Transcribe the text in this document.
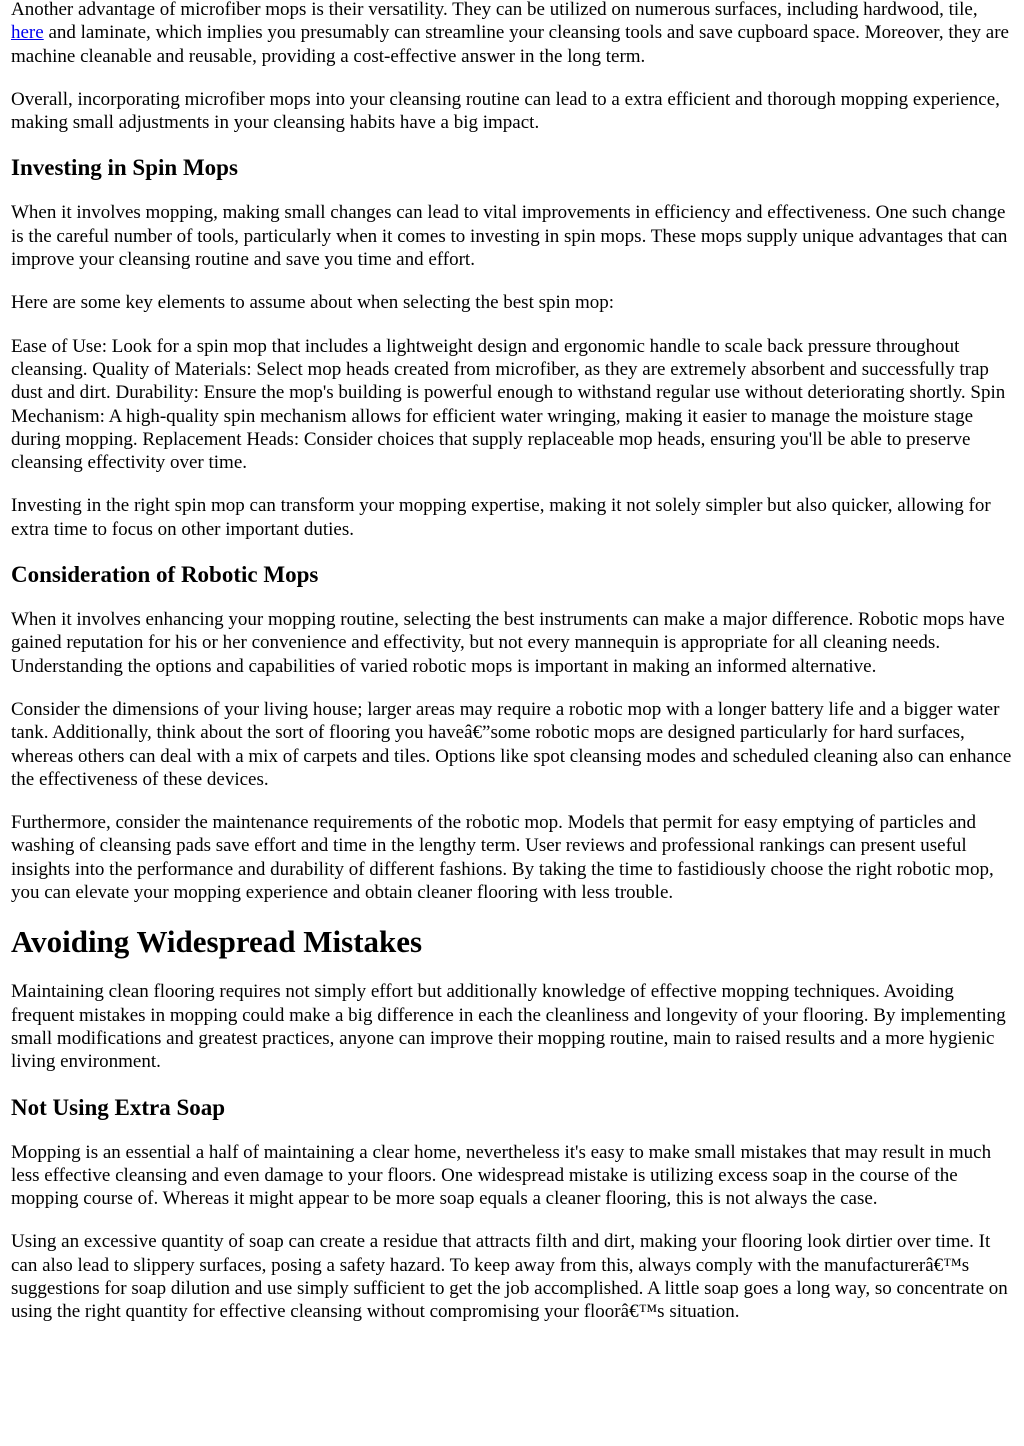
Another advantage of microfiber mops is their versatility. They can be utilized on numerous surfaces, including hardwood, tile, here and laminate, which implies you presumably can streamline your cleansing tools and save cupboard space. Moreover, they are machine cleanable and reusable, providing a cost-effective answer in the long term.

Overall, incorporating microfiber mops into your cleansing routine can lead to a extra efficient and thorough mopping experience, making small adjustments in your cleansing habits have a big impact.

Investing in Spin Mops

When it involves mopping, making small changes can lead to vital improvements in efficiency and effectiveness. One such change is the careful number of tools, particularly when it comes to investing in spin mops. These mops supply unique advantages that can improve your cleansing routine and save you time and effort.

Here are some key elements to assume about when selecting the best spin mop:

Ease of Use: Look for a spin mop that includes a lightweight design and ergonomic handle to scale back pressure throughout cleansing. Quality of Materials: Select mop heads created from microfiber, as they are extremely absorbent and successfully trap dust and dirt. Durability: Ensure the mop's building is powerful enough to withstand regular use without deteriorating shortly. Spin Mechanism: A high-quality spin mechanism allows for efficient water wringing, making it easier to manage the moisture stage during mopping. Replacement Heads: Consider choices that supply replaceable mop heads, ensuring you'll be able to preserve cleansing effectivity over time.

Investing in the right spin mop can transform your mopping expertise, making it not solely simpler but also quicker, allowing for extra time to focus on other important duties.

Consideration of Robotic Mops

When it involves enhancing your mopping routine, selecting the best instruments can make a major difference. Robotic mops have gained reputation for his or her convenience and effectivity, but not every mannequin is appropriate for all cleaning needs. Understanding the options and capabilities of varied robotic mops is important in making an informed alternative.

Consider the dimensions of your living house; larger areas may require a robotic mop with a longer battery life and a bigger water tank. Additionally, think about the sort of flooring you haveâ€”some robotic mops are designed particularly for hard surfaces, whereas others can deal with a mix of carpets and tiles. Options like spot cleansing modes and scheduled cleaning also can enhance the effectiveness of these devices.

Furthermore, consider the maintenance requirements of the robotic mop. Models that permit for easy emptying of particles and washing of cleansing pads save effort and time in the lengthy term. User reviews and professional rankings can present useful insights into the performance and durability of different fashions. By taking the time to fastidiously choose the right robotic mop, you can elevate your mopping experience and obtain cleaner flooring with less trouble.

Avoiding Widespread Mistakes

Maintaining clean flooring requires not simply effort but additionally knowledge of effective mopping techniques. Avoiding frequent mistakes in mopping could make a big difference in each the cleanliness and longevity of your flooring. By implementing small modifications and greatest practices, anyone can improve their mopping routine, main to raised results and a more hygienic living environment.

Not Using Extra Soap

Mopping is an essential a half of maintaining a clear home, nevertheless it's easy to make small mistakes that may result in much less effective cleansing and even damage to your floors. One widespread mistake is utilizing excess soap in the course of the mopping course of. Whereas it might appear to be more soap equals a cleaner flooring, this is not always the case.

Using an excessive quantity of soap can create a residue that attracts filth and dirt, making your flooring look dirtier over time. It can also lead to slippery surfaces, posing a safety hazard. To keep away from this, always comply with the manufacturerâ€™s suggestions for soap dilution and use simply sufficient to get the job accomplished. A little soap goes a long way, so concentrate on using the right quantity for effective cleansing without compromising your floorâ€™s situation.
